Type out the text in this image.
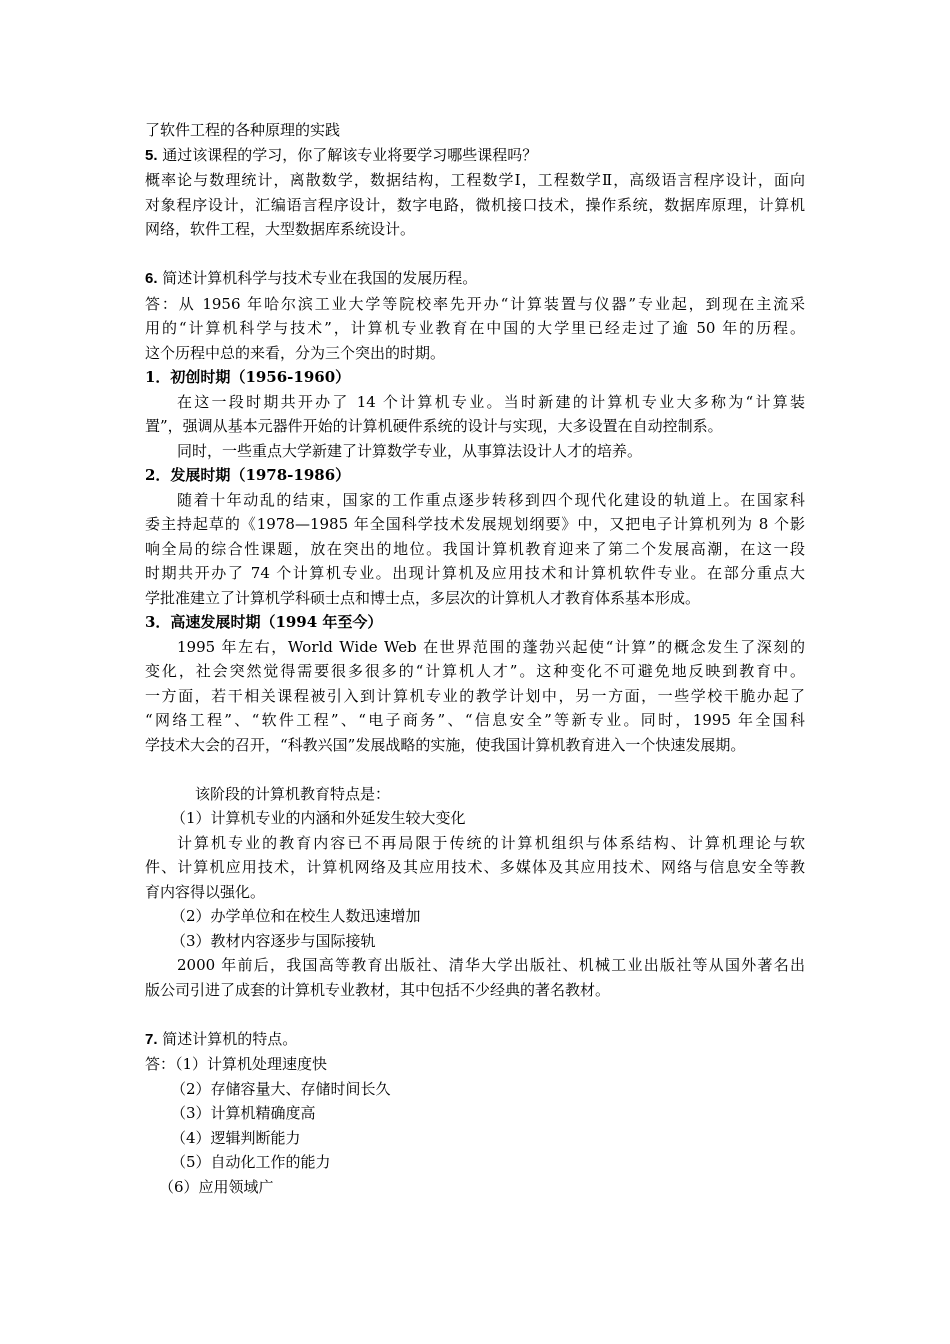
了软件工程的各种原理的实践
5. 通过该课程的学习，你了解该专业将要学习哪些课程吗？
概率论与数理统计，离散数学，数据结构，工程数学Ⅰ，工程数学Ⅱ，高级语言程序设计，面向
对象程序设计，汇编语言程序设计，数字电路，微机接口技术，操作系统，数据库原理，计算机
网络，软件工程，大型数据库系统设计。
6. 简述计算机科学与技术专业在我国的发展历程。
答：从 1956 年哈尔滨工业大学等院校率先开办“计算装置与仪器”专业起，到现在主流采
用的“计算机科学与技术”，计算机专业教育在中国的大学里已经走过了逾 50 年的历程。
这个历程中总的来看，分为三个突出的时期。
1．初创时期（1956-1960）
在这一段时期共开办了 14 个计算机专业。当时新建的计算机专业大多称为“计算装
置”，强调从基本元器件开始的计算机硬件系统的设计与实现，大多设置在自动控制系。
同时，一些重点大学新建了计算数学专业，从事算法设计人才的培养。
2．发展时期（1978-1986）
随着十年动乱的结束，国家的工作重点逐步转移到四个现代化建设的轨道上。在国家科
委主持起草的《1978—1985 年全国科学技术发展规划纲要》中，又把电子计算机列为 8 个影
响全局的综合性课题，放在突出的地位。我国计算机教育迎来了第二个发展高潮，在这一段
时期共开办了 74 个计算机专业。出现计算机及应用技术和计算机软件专业。在部分重点大
学批准建立了计算机学科硕士点和博士点，多层次的计算机人才教育体系基本形成。
3．高速发展时期（1994 年至今）
1995 年左右，World Wide Web 在世界范围的蓬勃兴起使“计算”的概念发生了深刻的
变化，社会突然觉得需要很多很多的“计算机人才”。这种变化不可避免地反映到教育中。
一方面，若干相关课程被引入到计算机专业的教学计划中，另一方面，一些学校干脆办起了
“网络工程”、“软件工程”、“电子商务”、“信息安全”等新专业。同时，1995 年全国科
学技术大会的召开，“科教兴国”发展战略的实施，使我国计算机教育进入一个快速发展期。
该阶段的计算机教育特点是：
（1）计算机专业的内涵和外延发生较大变化
计算机专业的教育内容已不再局限于传统的计算机组织与体系结构、计算机理论与软
件、计算机应用技术，计算机网络及其应用技术、多媒体及其应用技术、网络与信息安全等教
育内容得以强化。
（2）办学单位和在校生人数迅速增加
（3）教材内容逐步与国际接轨
2000 年前后，我国高等教育出版社、清华大学出版社、机械工业出版社等从国外著名出
版公司引进了成套的计算机专业教材，其中包括不少经典的著名教材。
7. 简述计算机的特点。
答：（1）计算机处理速度快
（2）存储容量大、存储时间长久
（3）计算机精确度高
（4）逻辑判断能力
（5）自动化工作的能力
（6）应用领域广
